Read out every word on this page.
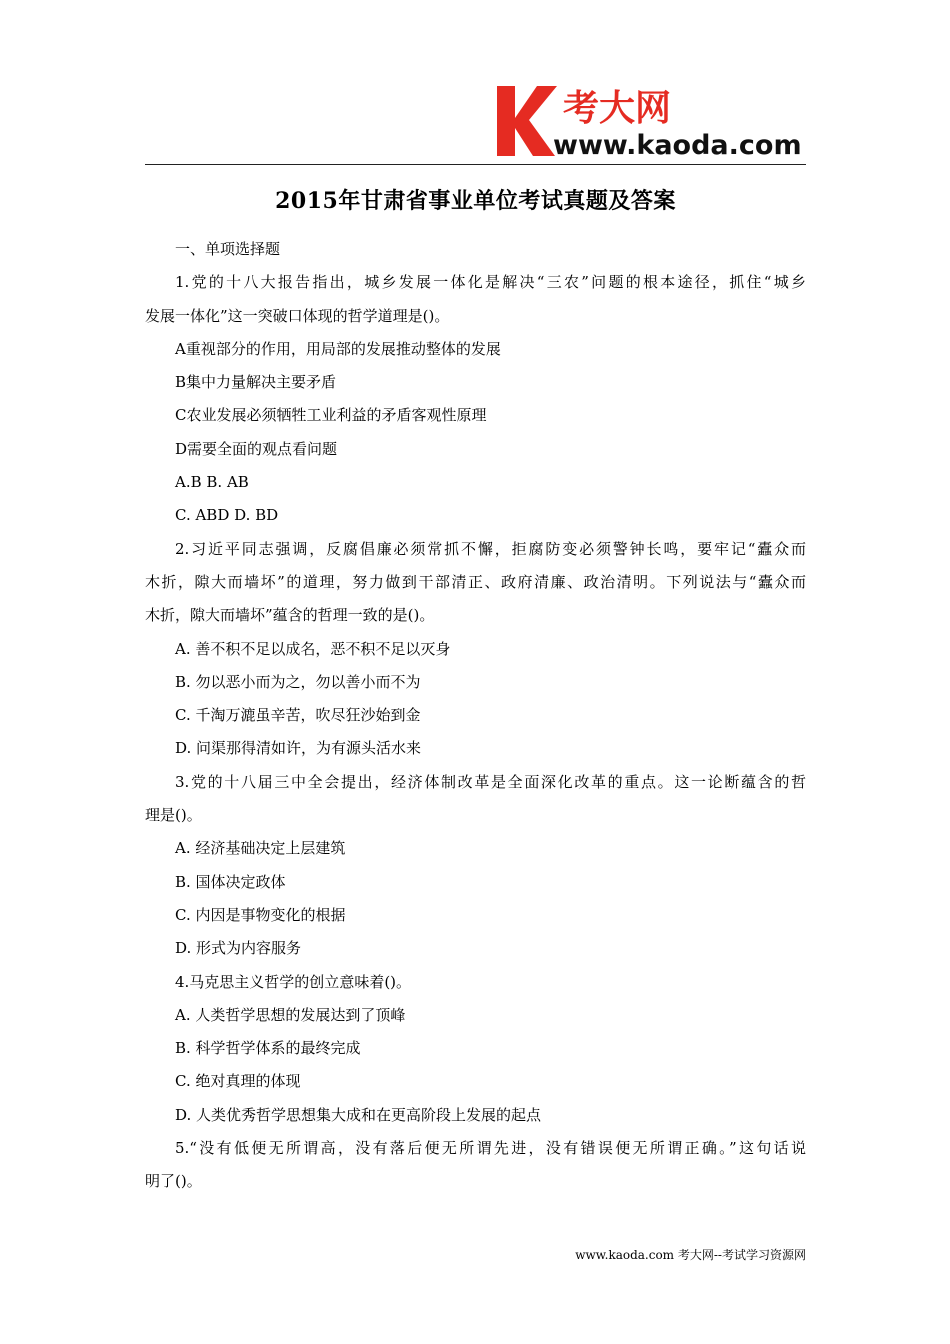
考大网
www.kaoda.com
2015年甘肃省事业单位考试真题及答案
一、单项选择题
1.党的十八大报告指出，城乡发展一体化是解决“三农”问题的根本途径，抓住“城乡
发展一体化”这一突破口体现的哲学道理是()。
A重视部分的作用，用局部的发展推动整体的发展
B集中力量解决主要矛盾
C农业发展必须牺牲工业利益的矛盾客观性原理
D需要全面的观点看问题
A.B B. AB
C. ABD D. BD
2.习近平同志强调，反腐倡廉必须常抓不懈，拒腐防变必须警钟长鸣，要牢记“蠹众而
木折，隙大而墙坏”的道理，努力做到干部清正、政府清廉、政治清明。下列说法与“蠹众而
木折，隙大而墙坏”蕴含的哲理一致的是()。
A. 善不积不足以成名，恶不积不足以灭身
B. 勿以恶小而为之，勿以善小而不为
C. 千淘万漉虽辛苦，吹尽狂沙始到金
D. 问渠那得清如许，为有源头活水来
3.党的十八届三中全会提出，经济体制改革是全面深化改革的重点。这一论断蕴含的哲
理是()。
A. 经济基础决定上层建筑
B. 国体决定政体
C. 内因是事物变化的根据
D. 形式为内容服务
4.马克思主义哲学的创立意味着()。
A. 人类哲学思想的发展达到了顶峰
B. 科学哲学体系的最终完成
C. 绝对真理的体现
D. 人类优秀哲学思想集大成和在更高阶段上发展的起点
5.“没有低便无所谓高，没有落后便无所谓先进，没有错误便无所谓正确。”这句话说
明了()。
www.kaoda.com 考大网--考试学习资源网
